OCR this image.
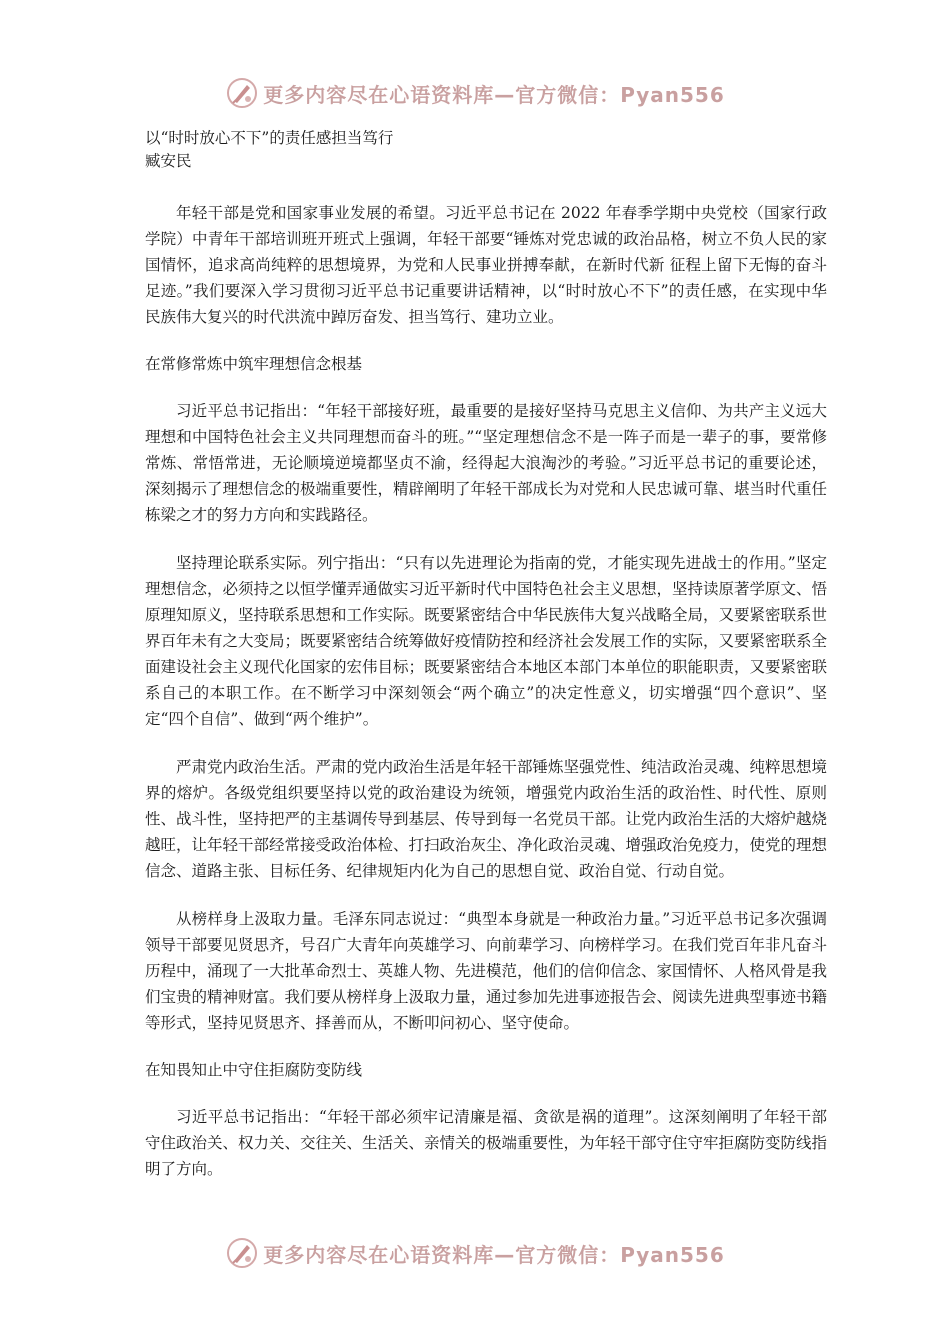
更多内容尽在心语资料库—官方微信：Pyan556

以“时时放心不下”的责任感担当笃行

臧安民

年轻干部是党和国家事业发展的希望。习近平总书记在 2022 年春季学期中央党校（国家行政学院）中青年干部培训班开班式上强调，年轻干部要“锤炼对党忠诚的政治品格，树立不负人民的家国情怀，追求高尚纯粹的思想境界，为党和人民事业拼搏奉献，在新时代新 征程上留下无悔的奋斗足迹。”我们要深入学习贯彻习近平总书记重要讲话精神，以“时时放心不下”的责任感，在实现中华民族伟大复兴的时代洪流中踔厉奋发、担当笃行、建功立业。

在常修常炼中筑牢理想信念根基

习近平总书记指出：“年轻干部接好班，最重要的是接好坚持马克思主义信仰、为共产主义远大理想和中国特色社会主义共同理想而奋斗的班。”“坚定理想信念不是一阵子而是一辈子的事，要常修常炼、常悟常进，无论顺境逆境都坚贞不渝，经得起大浪淘沙的考验。”习近平总书记的重要论述，深刻揭示了理想信念的极端重要性，精辟阐明了年轻干部成长为对党和人民忠诚可靠、堪当时代重任栋梁之才的努力方向和实践路径。

坚持理论联系实际。列宁指出：“只有以先进理论为指南的党，才能实现先进战士的作用。”坚定理想信念，必须持之以恒学懂弄通做实习近平新时代中国特色社会主义思想，坚持读原著学原文、悟原理知原义，坚持联系思想和工作实际。既要紧密结合中华民族伟大复兴战略全局，又要紧密联系世界百年未有之大变局；既要紧密结合统筹做好疫情防控和经济社会发展工作的实际，又要紧密联系全面建设社会主义现代化国家的宏伟目标；既要紧密结合本地区本部门本单位的职能职责，又要紧密联系自己的本职工作。在不断学习中深刻领会“两个确立”的决定性意义，切实增强“四个意识”、坚定“四个自信”、做到“两个维护”。

严肃党内政治生活。严肃的党内政治生活是年轻干部锤炼坚强党性、纯洁政治灵魂、纯粹思想境界的熔炉。各级党组织要坚持以党的政治建设为统领，增强党内政治生活的政治性、时代性、原则性、战斗性，坚持把严的主基调传导到基层、传导到每一名党员干部。让党内政治生活的大熔炉越烧越旺，让年轻干部经常接受政治体检、打扫政治灰尘、净化政治灵魂、增强政治免疫力，使党的理想信念、道路主张、目标任务、纪律规矩内化为自己的思想自觉、政治自觉、行动自觉。

从榜样身上汲取力量。毛泽东同志说过：“典型本身就是一种政治力量。”习近平总书记多次强调领导干部要见贤思齐，号召广大青年向英雄学习、向前辈学习、向榜样学习。在我们党百年非凡奋斗历程中，涌现了一大批革命烈士、英雄人物、先进模范，他们的信仰信念、家国情怀、人格风骨是我们宝贵的精神财富。我们要从榜样身上汲取力量，通过参加先进事迹报告会、阅读先进典型事迹书籍等形式，坚持见贤思齐、择善而从，不断叩问初心、坚守使命。

在知畏知止中守住拒腐防变防线

习近平总书记指出：“年轻干部必须牢记清廉是福、贪欲是祸的道理”。这深刻阐明了年轻干部守住政治关、权力关、交往关、生活关、亲情关的极端重要性，为年轻干部守住守牢拒腐防变防线指明了方向。

更多内容尽在心语资料库—官方微信：Pyan556
